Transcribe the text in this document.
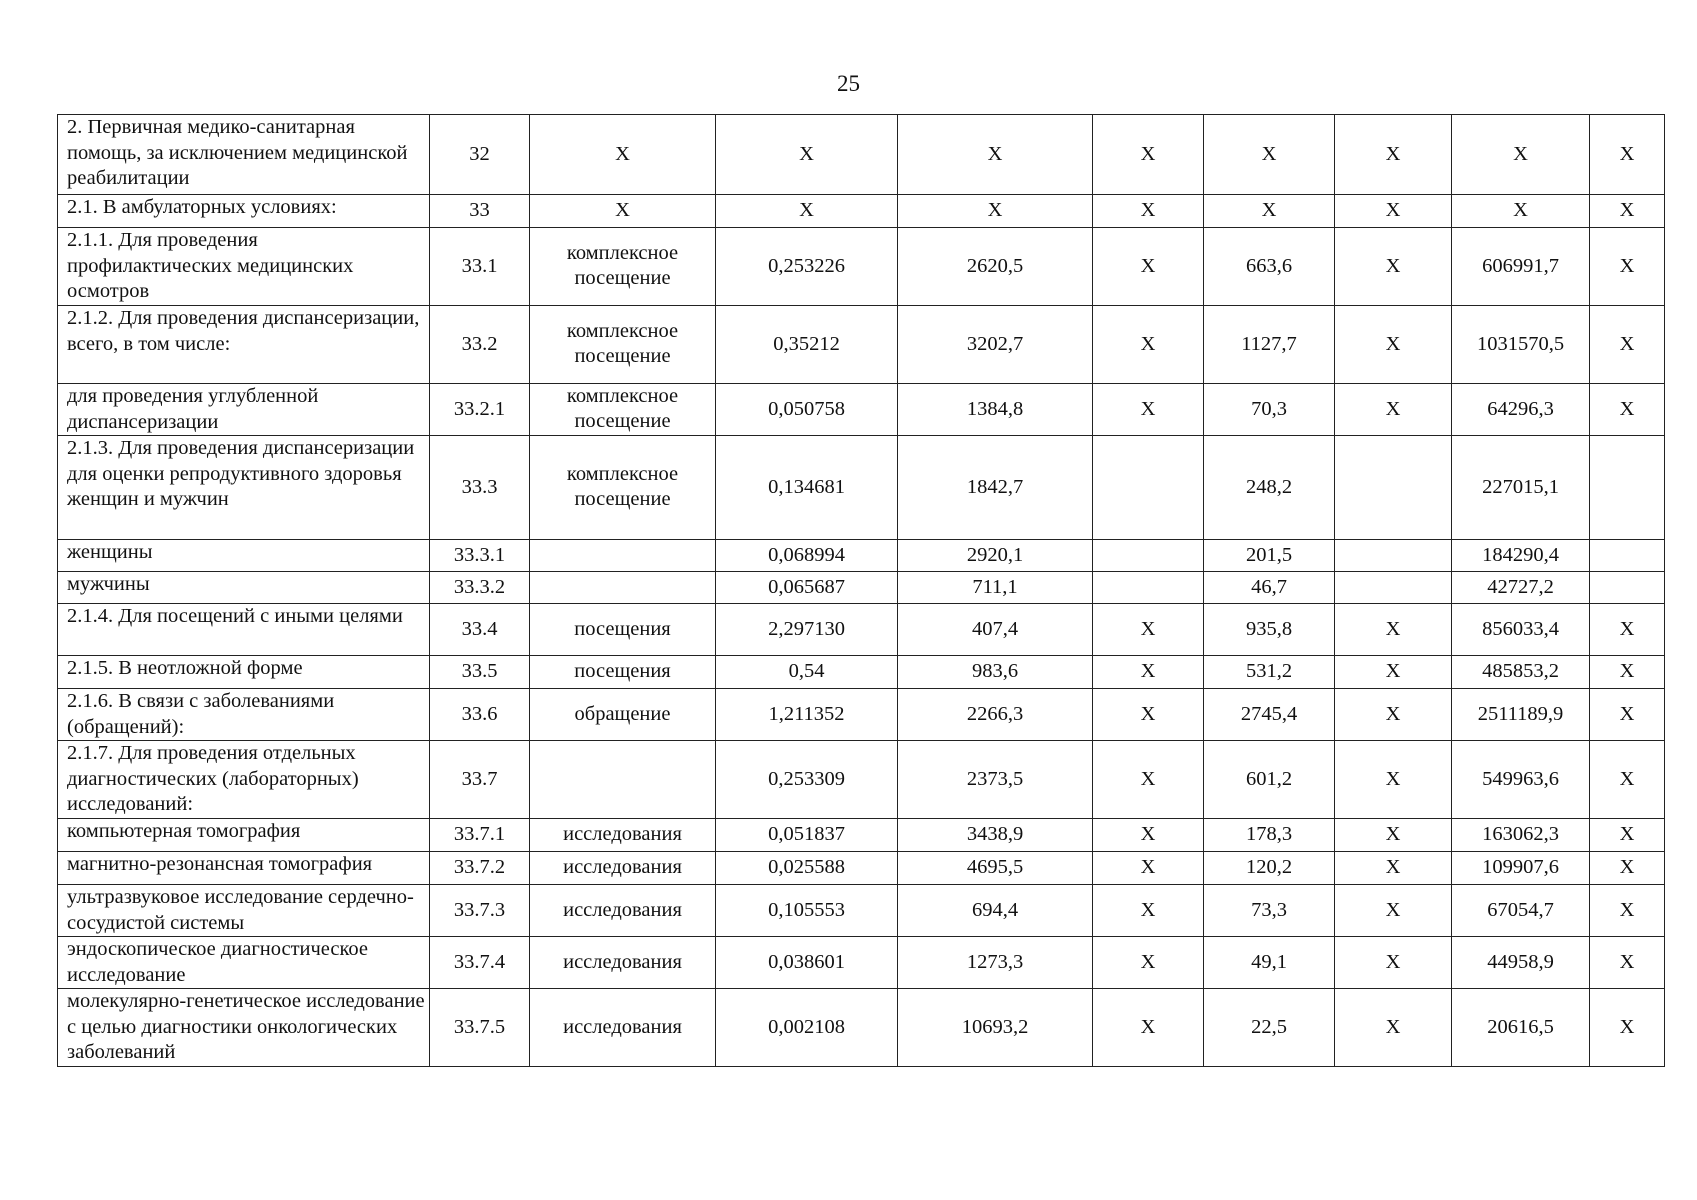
25
2. Первичная медико-санитарная помощь, за исключением медицинской реабилитации	32	Х	Х	Х	Х	Х	Х	Х	Х
2.1. В амбулаторных условиях:	33	Х	Х	Х	Х	Х	Х	Х	Х
2.1.1. Для проведения профилактических медицинских осмотров	33.1	комплексное посещение	0,253226	2620,5	Х	663,6	Х	606991,7	Х
2.1.2. Для проведения диспансеризации, всего, в том числе:	33.2	комплексное посещение	0,35212	3202,7	Х	1127,7	Х	1031570,5	Х
для проведения углубленной диспансеризации	33.2.1	комплексное посещение	0,050758	1384,8	Х	70,3	Х	64296,3	Х
2.1.3. Для проведения диспансеризации для оценки репродуктивного здоровья женщин и мужчин	33.3	комплексное посещение	0,134681	1842,7		248,2		227015,1	
женщины	33.3.1		0,068994	2920,1		201,5		184290,4	
мужчины	33.3.2		0,065687	711,1		46,7		42727,2	
2.1.4. Для посещений с иными целями	33.4	посещения	2,297130	407,4	Х	935,8	Х	856033,4	Х
2.1.5. В неотложной форме	33.5	посещения	0,54	983,6	Х	531,2	Х	485853,2	Х
2.1.6. В связи с заболеваниями (обращений):	33.6	обращение	1,211352	2266,3	Х	2745,4	Х	2511189,9	Х
2.1.7. Для проведения отдельных диагностических (лабораторных) исследований:	33.7		0,253309	2373,5	Х	601,2	Х	549963,6	Х
компьютерная томография	33.7.1	исследования	0,051837	3438,9	Х	178,3	Х	163062,3	Х
магнитно-резонансная томография	33.7.2	исследования	0,025588	4695,5	Х	120,2	Х	109907,6	Х
ультразвуковое исследование сердечно-сосудистой системы	33.7.3	исследования	0,105553	694,4	Х	73,3	Х	67054,7	Х
эндоскопическое диагностическое исследование	33.7.4	исследования	0,038601	1273,3	Х	49,1	Х	44958,9	Х
молекулярно-генетическое исследование с целью диагностики онкологических заболеваний	33.7.5	исследования	0,002108	10693,2	Х	22,5	Х	20616,5	Х
